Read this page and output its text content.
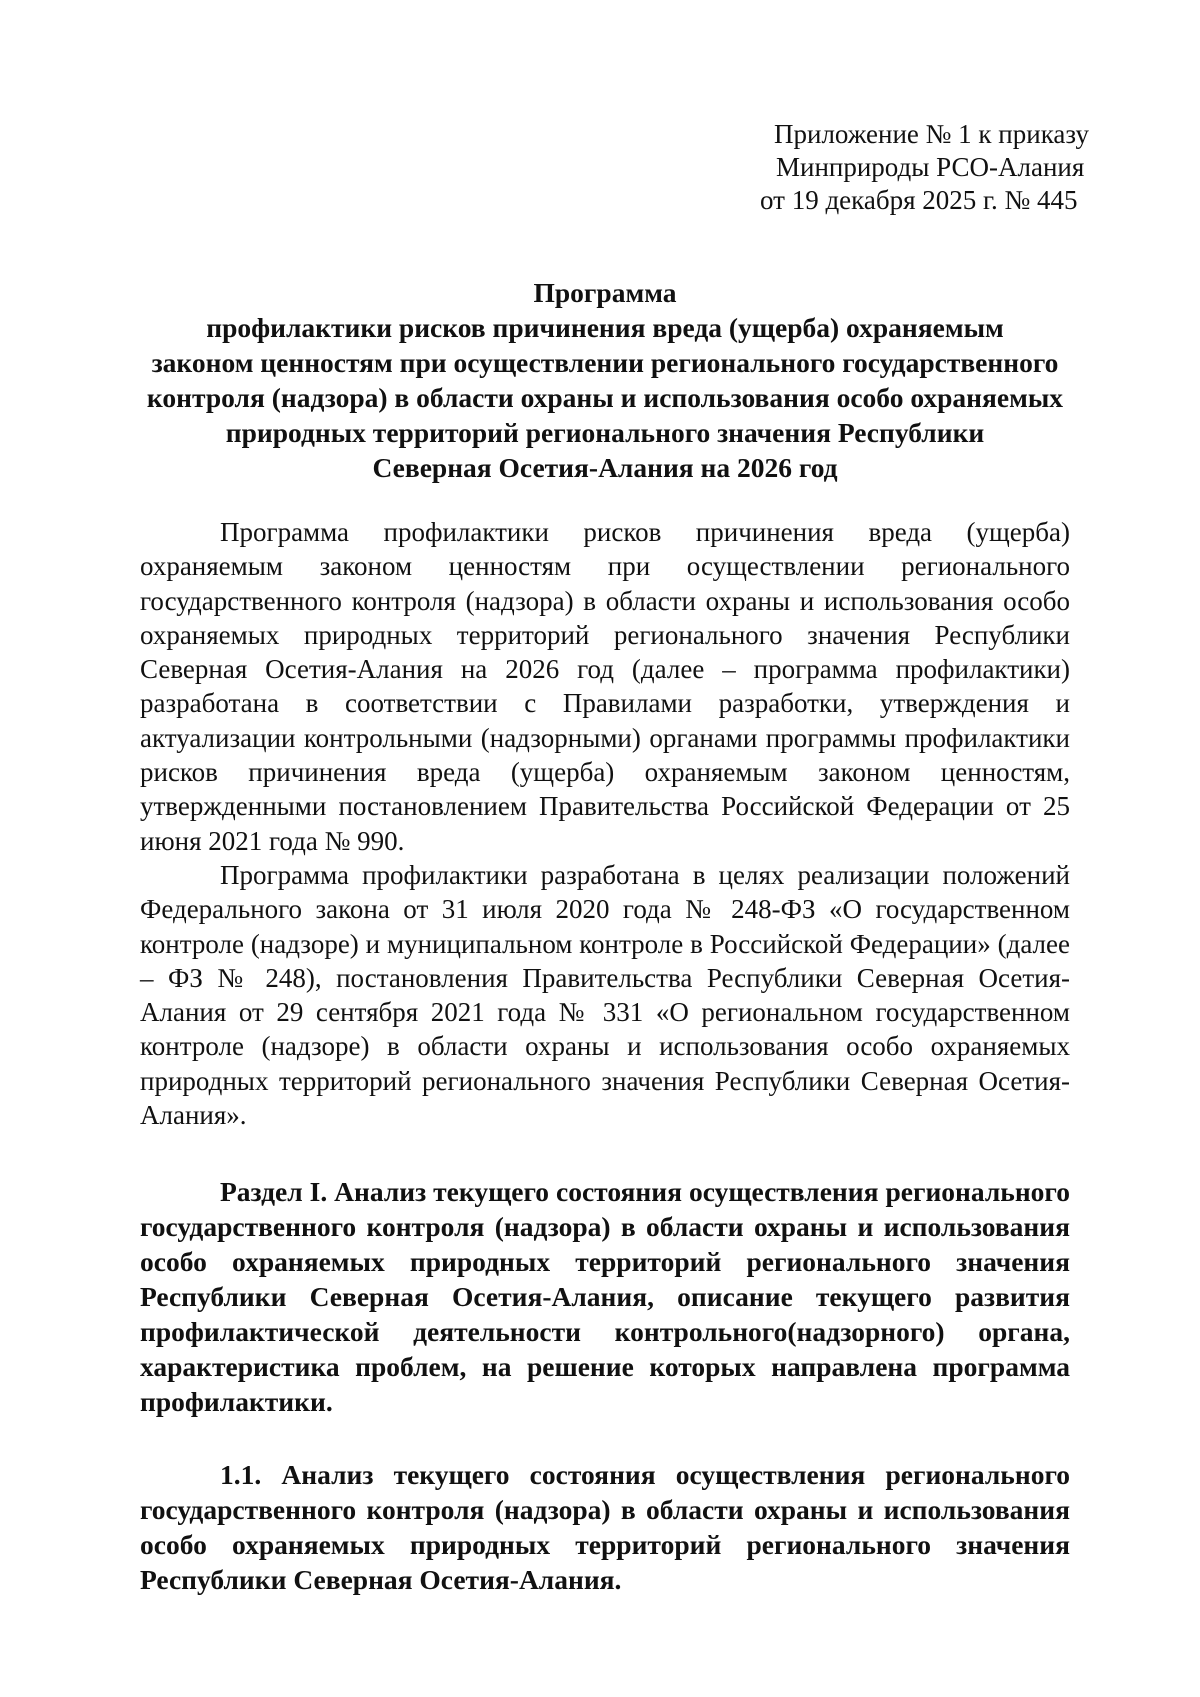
Приложение № 1 к приказу
Минприроды РСО-Алания
от 19 декабря 2025 г. № 445
Программа
профилактики рисков причинения вреда (ущерба) охраняемым
законом ценностям при осуществлении регионального государственного
контроля (надзора) в области охраны и использования особо охраняемых
природных территорий регионального значения Республики
Северная Осетия-Алания на 2026 год

Программа профилактики рисков причинения вреда (ущерба) охраняемым законом ценностям при осуществлении регионального государственного контроля (надзора) в области охраны и использования особо охраняемых природных территорий регионального значения Республики Северная Осетия-Алания на 2026 год (далее – программа профилактики) разработана в соответствии с Правилами разработки, утверждения и актуализации контрольными (надзорными) органами программы профилактики рисков причинения вреда (ущерба) охраняемым законом ценностям, утвержденными постановлением Правительства Российской Федерации от 25 июня 2021 года № 990.

Программа профилактики разработана в целях реализации положений Федерального закона от 31 июля 2020 года № 248-ФЗ «О государственном контроле (надзоре) и муниципальном контроле в Российской Федерации» (далее – ФЗ № 248), постановления Правительства Республики Северная Осетия-Алания от 29 сентября 2021 года № 331 «О региональном государственном контроле (надзоре) в области охраны и использования особо охраняемых природных территорий регионального значения Республики Северная Осетия-Алания».

Раздел I. Анализ текущего состояния осуществления регионального государственного контроля (надзора) в области охраны и использования особо охраняемых природных территорий регионального значения Республики Северная Осетия-Алания, описание текущего развития профилактической деятельности контрольного(надзорного) органа, характеристика проблем, на решение которых направлена программа профилактики.
1.1. Анализ текущего состояния осуществления регионального государственного контроля (надзора) в области охраны и использования особо охраняемых природных территорий регионального значения Республики Северная Осетия-Алания.
